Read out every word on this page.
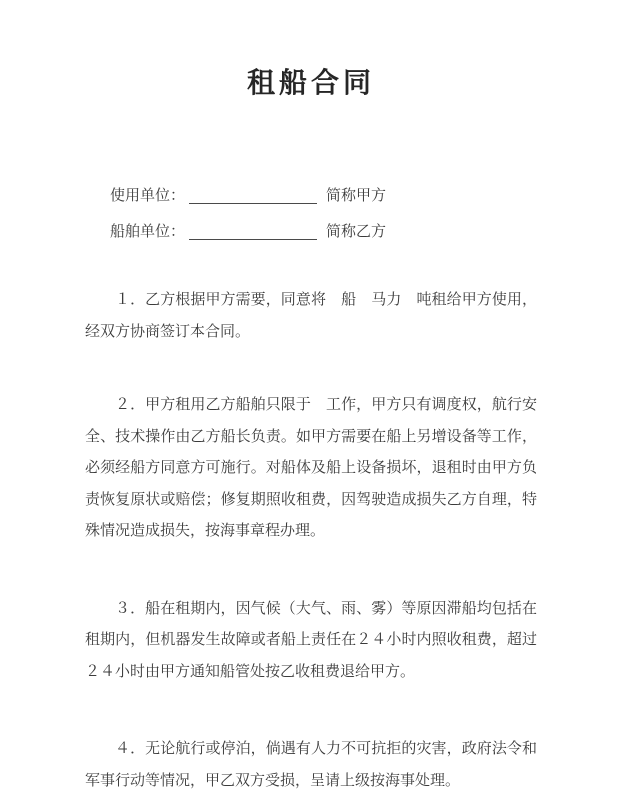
租船合同
使用单位：	简称甲方
船舶单位：	简称乙方

１．乙方根据甲方需要，同意将　船　马力　吨租给甲方使用，经双方协商签订本合同。

２．甲方租用乙方船舶只限于　工作，甲方只有调度权，航行安全、技术操作由乙方船长负责。如甲方需要在船上另增设备等工作，必须经船方同意方可施行。对船体及船上设备损坏，退租时由甲方负责恢复原状或赔偿；修复期照收租费，因驾驶造成损失乙方自理，特殊情况造成损失，按海事章程办理。

３．船在租期内，因气候（大气、雨、雾）等原因滞船均包括在租期内，但机器发生故障或者船上责任在２４小时内照收租费，超过２４小时由甲方通知船管处按乙收租费退给甲方。

４．无论航行或停泊，倘遇有人力不可抗拒的灾害，政府法令和军事行动等情况，甲乙双方受损，呈请上级按海事处理。
